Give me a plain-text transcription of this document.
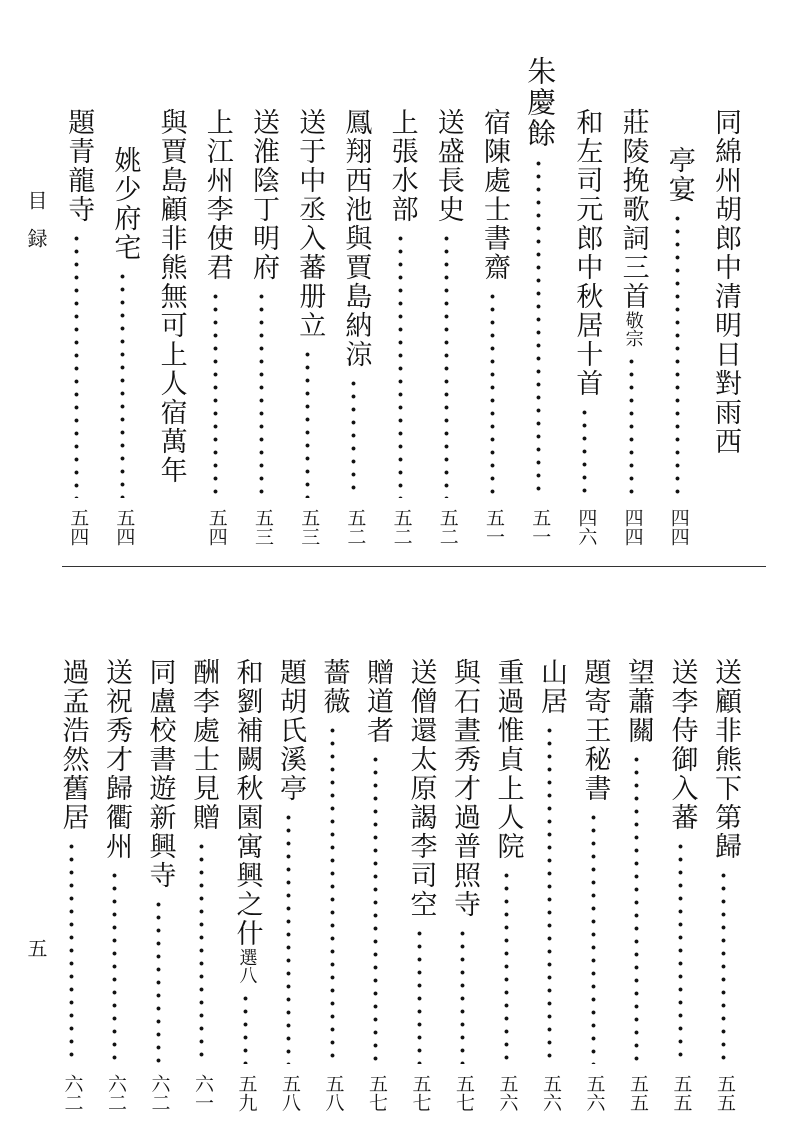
目録
五
同綿州胡郎中清明日對雨西
亭宴
四四
莊陵挽歌詞三首敬宗
四四
和左司元郎中秋居十首
四六
朱慶餘
五一
宿陳處士書齋
五一
送盛長史
五二
上張水部
五二
鳳翔西池與賈島納涼
五二
送于中丞入蕃册立
五三
送淮陰丁明府
五三
上江州李使君
五四
與賈島顧非熊無可上人宿萬年
姚少府宅
五四
題青龍寺
五四
送顧非熊下第歸
五五
送李侍御入蕃
五五
望蕭關
五五
題寄王秘書
五六
山居
五六
重過惟貞上人院
五六
與石晝秀才過普照寺
五七
送僧還太原謁李司空
五七
贈道者
五七
薔薇
五八
題胡氏溪亭
五八
和劉補闕秋園寓興之什選八
五九
酬李處士見贈
六一
同盧校書遊新興寺
六二
送祝秀才歸衢州
六二
過孟浩然舊居
六二
